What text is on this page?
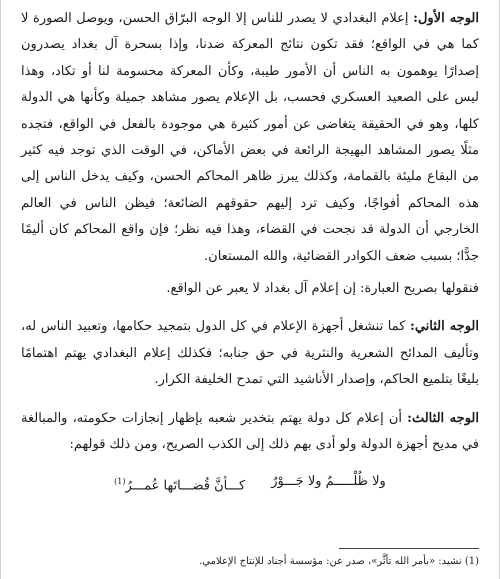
الوجه الأول: إعلام البغدادي لا يصدر للناس إلا الوجه البرّاق الحسن، ويوصل الصورة لا كما هي في الواقع؛ فقد تكون نتائج المعركة ضدنا، وإذا بسحرة آل بغداد يصدرون إصدارًا يوهمون به الناس أن الأمور طيبة، وكأن المعركة محسومة لنا أو تكاد، وهذا ليس على الصعيد العسكري فحسب، بل الإعلام يصور مشاهد جميلة وكأنها هي الدولة كلها، وهو في الحقيقة يتغاضى عن أمور كثيرة هي موجودة بالفعل في الواقع، فتجده مثلًا يصور المشاهد البهيجة الرائعة في بعض الأماكن، في الوقت الذي توجد فيه كثير من البقاع مليئة بالقمامة، وكذلك يبرز ظاهر المحاكم الحسن، وكيف يدخل الناس إلى هذه المحاكم أفواجًا، وكيف ترد إليهم حقوقهم الضائعة؛ فيظن الناس في العالم الخارجي أن الدولة قد نجحت في القضاء، وهذا فيه نظر؛ فإن واقع المحاكم كان أليمًا جدًّا؛ بسبب ضعف الكوادر القضائية، والله المستعان.

فنقولها بصريح العبارة: إن إعلام آل بغداد لا يعبر عن الواقع.

الوجه الثاني: كما تنشغل أجهزة الإعلام في كل الدول بتمجيد حكامها، وتعبيد الناس له، وتأليف المدائح الشعرية والنثرية في حق جنابه؛ فكذلك إعلام البغدادي يهتم اهتمامًا بليغًا بتلميع الحاكم، وإصدار الأناشيد التي تمدح الخليفة الكرار.

الوجه الثالث: أن إعلام كل دولة يهتم بتخدير شعبه بإظهار إنجازات حكومته، والمبالغة في مديح أجهزة الدولة ولو أدى بهم ذلك إلى الكذب الصريح، ومن ذلك قولهم:

ولا ظُلْـــــمٌ ولا جَـــوْرٌ
كـــأنَّ قُضـــاتَها عُمـــرُ$^{(1)}$
(1) نشيد: «بأمر الله تأثَّر»، صدر عن: مؤسسة أجناد للإنتاج الإعلامي.
